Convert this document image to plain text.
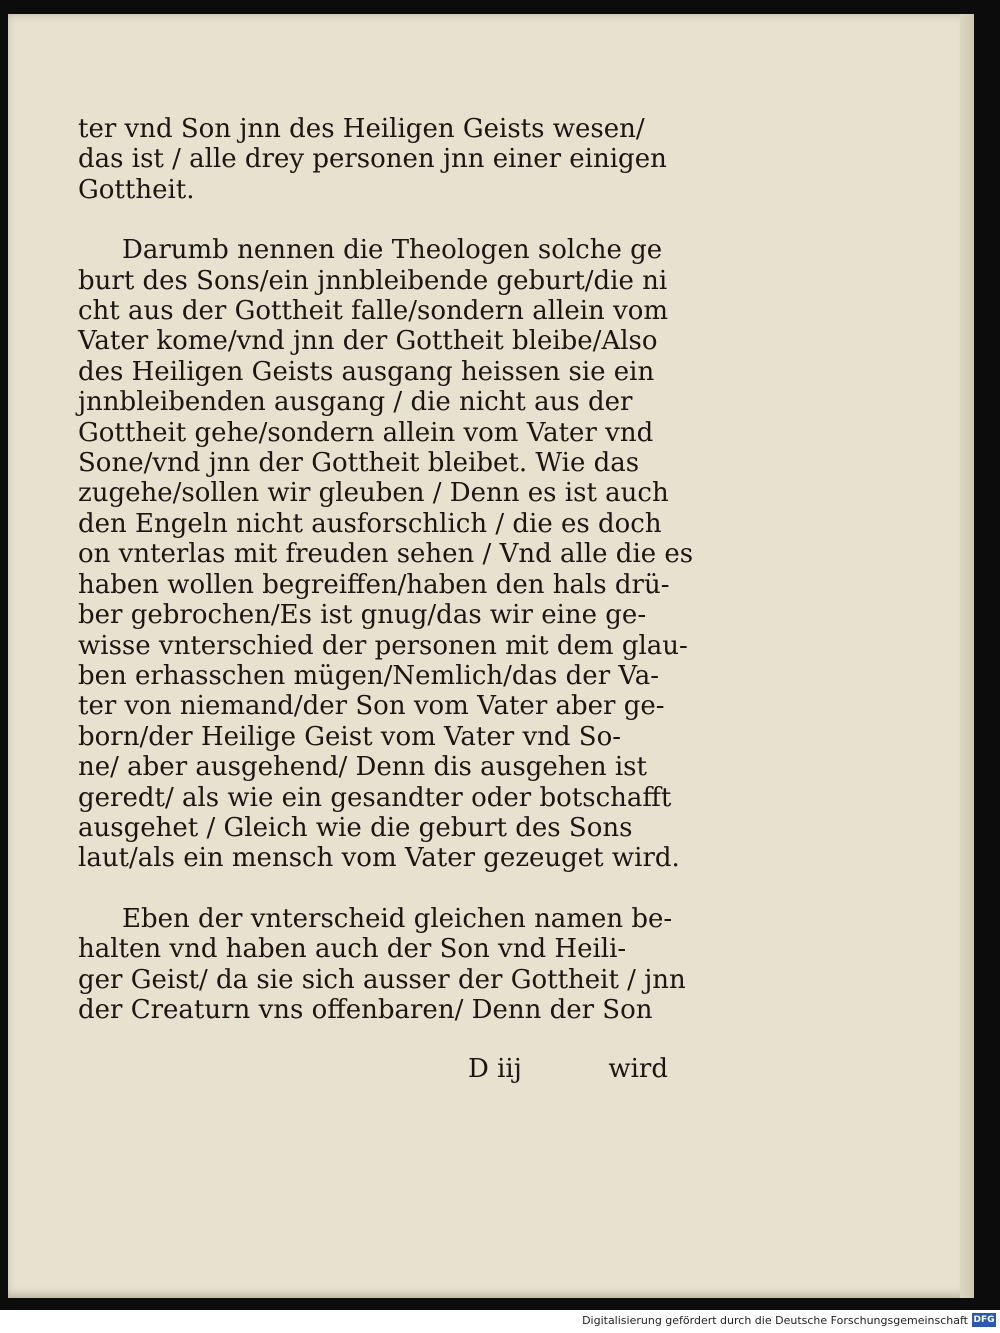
ter vnd Son jnn des Heiligen Geists wesen/
das ist / alle drey personen jnn einer einigen
Gottheit.
Darumb nennen die Theologen solche ge
burt des Sons/ein jnnbleibende geburt/die ni
cht aus der Gottheit falle/sondern allein vom
Vater kome/vnd jnn der Gottheit bleibe/Also
des Heiligen Geists ausgang heissen sie ein
jnnbleibenden ausgang / die nicht aus der
Gottheit gehe/sondern allein vom Vater vnd
Sone/vnd jnn der Gottheit bleibet. Wie das
zugehe/sollen wir gleuben / Denn es ist auch
den Engeln nicht ausforschlich / die es doch
on vnterlas mit freuden sehen / Vnd alle die es
haben wollen begreiffen/haben den hals drü-
ber gebrochen/Es ist gnug/das wir eine ge-
wisse vnterschied der personen mit dem glau-
ben erhasschen mügen/Nemlich/das der Va-
ter von niemand/der Son vom Vater aber ge-
born/der Heilige Geist vom Vater vnd So-
ne/ aber ausgehend/ Denn dis ausgehen ist
geredt/ als wie ein gesandter oder botschafft
ausgehet / Gleich wie die geburt des Sons
laut/als ein mensch vom Vater gezeuget wird.
Eben der vnterscheid gleichen namen be-
halten vnd haben auch der Son vnd Heili-
ger Geist/ da sie sich ausser der Gottheit / jnn
der Creaturn vns offenbaren/ Denn der Son
D iij	wird
Digitalisierung gefördert durch die Deutsche Forschungsgemeinschaft DFG
